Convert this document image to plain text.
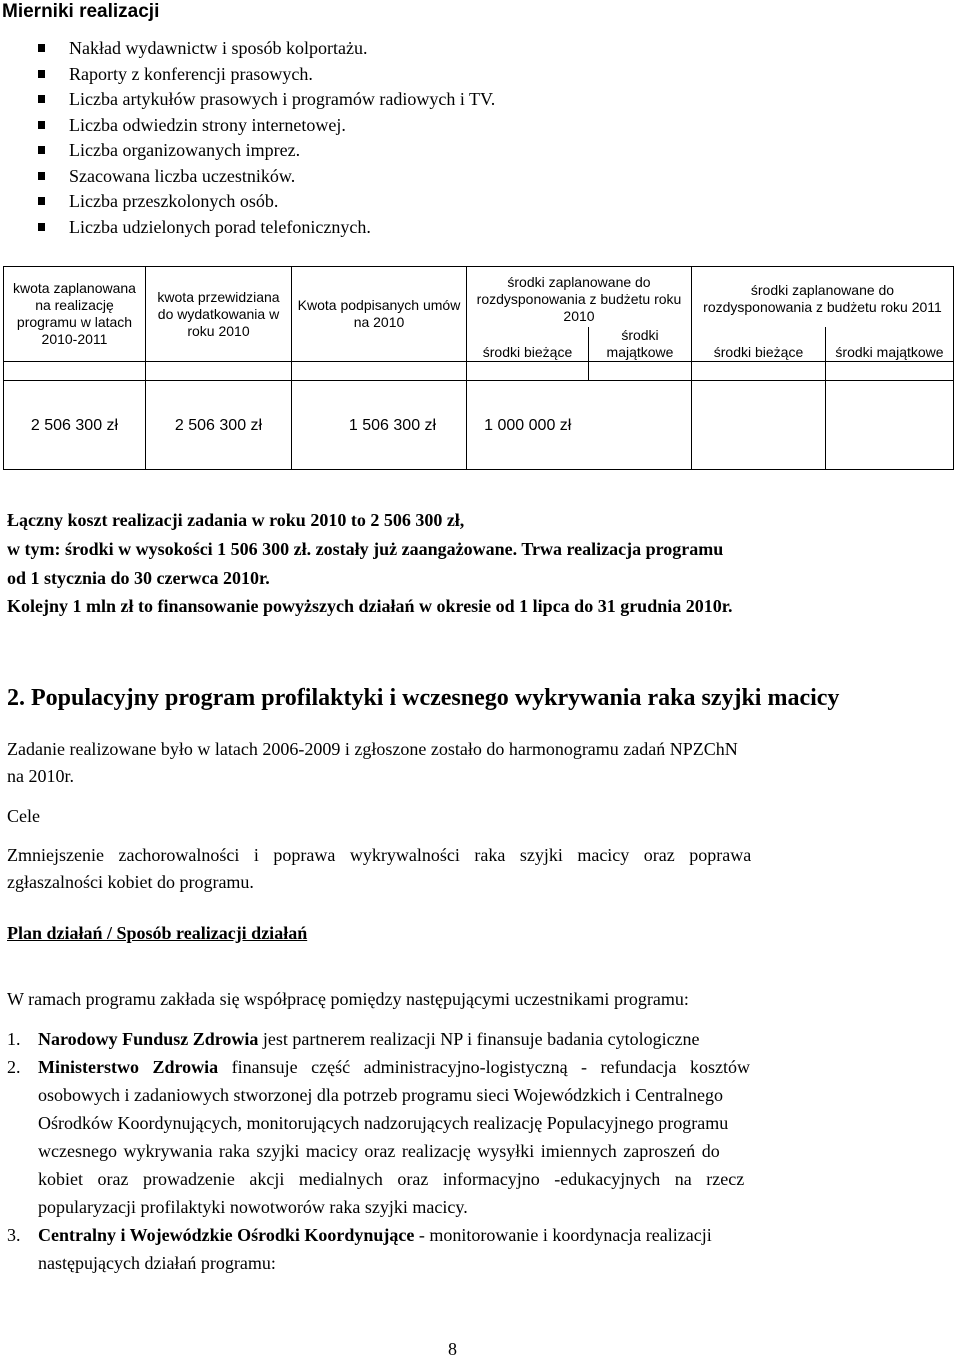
Mierniki realizacji
Nakład wydawnictw i sposób kolportażu.
Raporty z konferencji prasowych.
Liczba artykułów prasowych i programów radiowych i TV.
Liczba odwiedzin strony internetowej.
Liczba organizowanych imprez.
Szacowana liczba uczestników.
Liczba przeszkolonych osób.
Liczba udzielonych porad telefonicznych.
kwota zaplanowana na realizację programu w latach 2010-2011	kwota przewidziana do wydatkowania w roku 2010	Kwota podpisanych umów na 2010	środki zaplanowane do rozdysponowania z budżetu roku 2010		środki zaplanowane do rozdysponowania z budżetu roku 2011	
			środki bieżące	środki majątkowe	środki bieżące	środki majątkowe

2 506 300 zł	2 506 300 zł	1 506 300 zł	1 000 000 zł			
Łączny koszt realizacji zadania w roku 2010 to 2 506 300 zł,
w tym: środki w wysokości 1 506 300 zł. zostały już zaangażowane. Trwa realizacja programu
od 1 stycznia do 30 czerwca 2010r.
Kolejny 1 mln zł to finansowanie powyższych działań w okresie od 1 lipca do 31 grudnia 2010r.
2. Populacyjny program profilaktyki i wczesnego wykrywania raka szyjki macicy
Zadanie realizowane było w latach 2006-2009 i zgłoszone zostało do harmonogramu zadań NPZChN
na 2010r.
Cele
Zmniejszenie zachorowalności i poprawa wykrywalności raka szyjki macicy oraz poprawa
zgłaszalności kobiet do programu.
Plan działań / Sposób realizacji działań
W ramach programu zakłada się współpracę pomiędzy następującymi uczestnikami programu:
1. Narodowy Fundusz Zdrowia jest partnerem realizacji NP i finansuje badania cytologiczne
2. Ministerstwo Zdrowia finansuje część administracyjno-logistyczną - refundacja kosztów
osobowych i zadaniowych stworzonej dla potrzeb programu sieci Wojewódzkich i Centralnego
Ośrodków Koordynujących, monitorujących nadzorujących realizację Populacyjnego programu
wczesnego wykrywania raka szyjki macicy oraz realizację wysyłki imiennych zaproszeń do
kobiet oraz prowadzenie akcji medialnych oraz informacyjno -edukacyjnych na rzecz
popularyzacji profilaktyki nowotworów raka szyjki macicy.
3. Centralny i Wojewódzkie Ośrodki Koordynujące - monitorowanie i koordynacja realizacji
następujących działań programu:
8
